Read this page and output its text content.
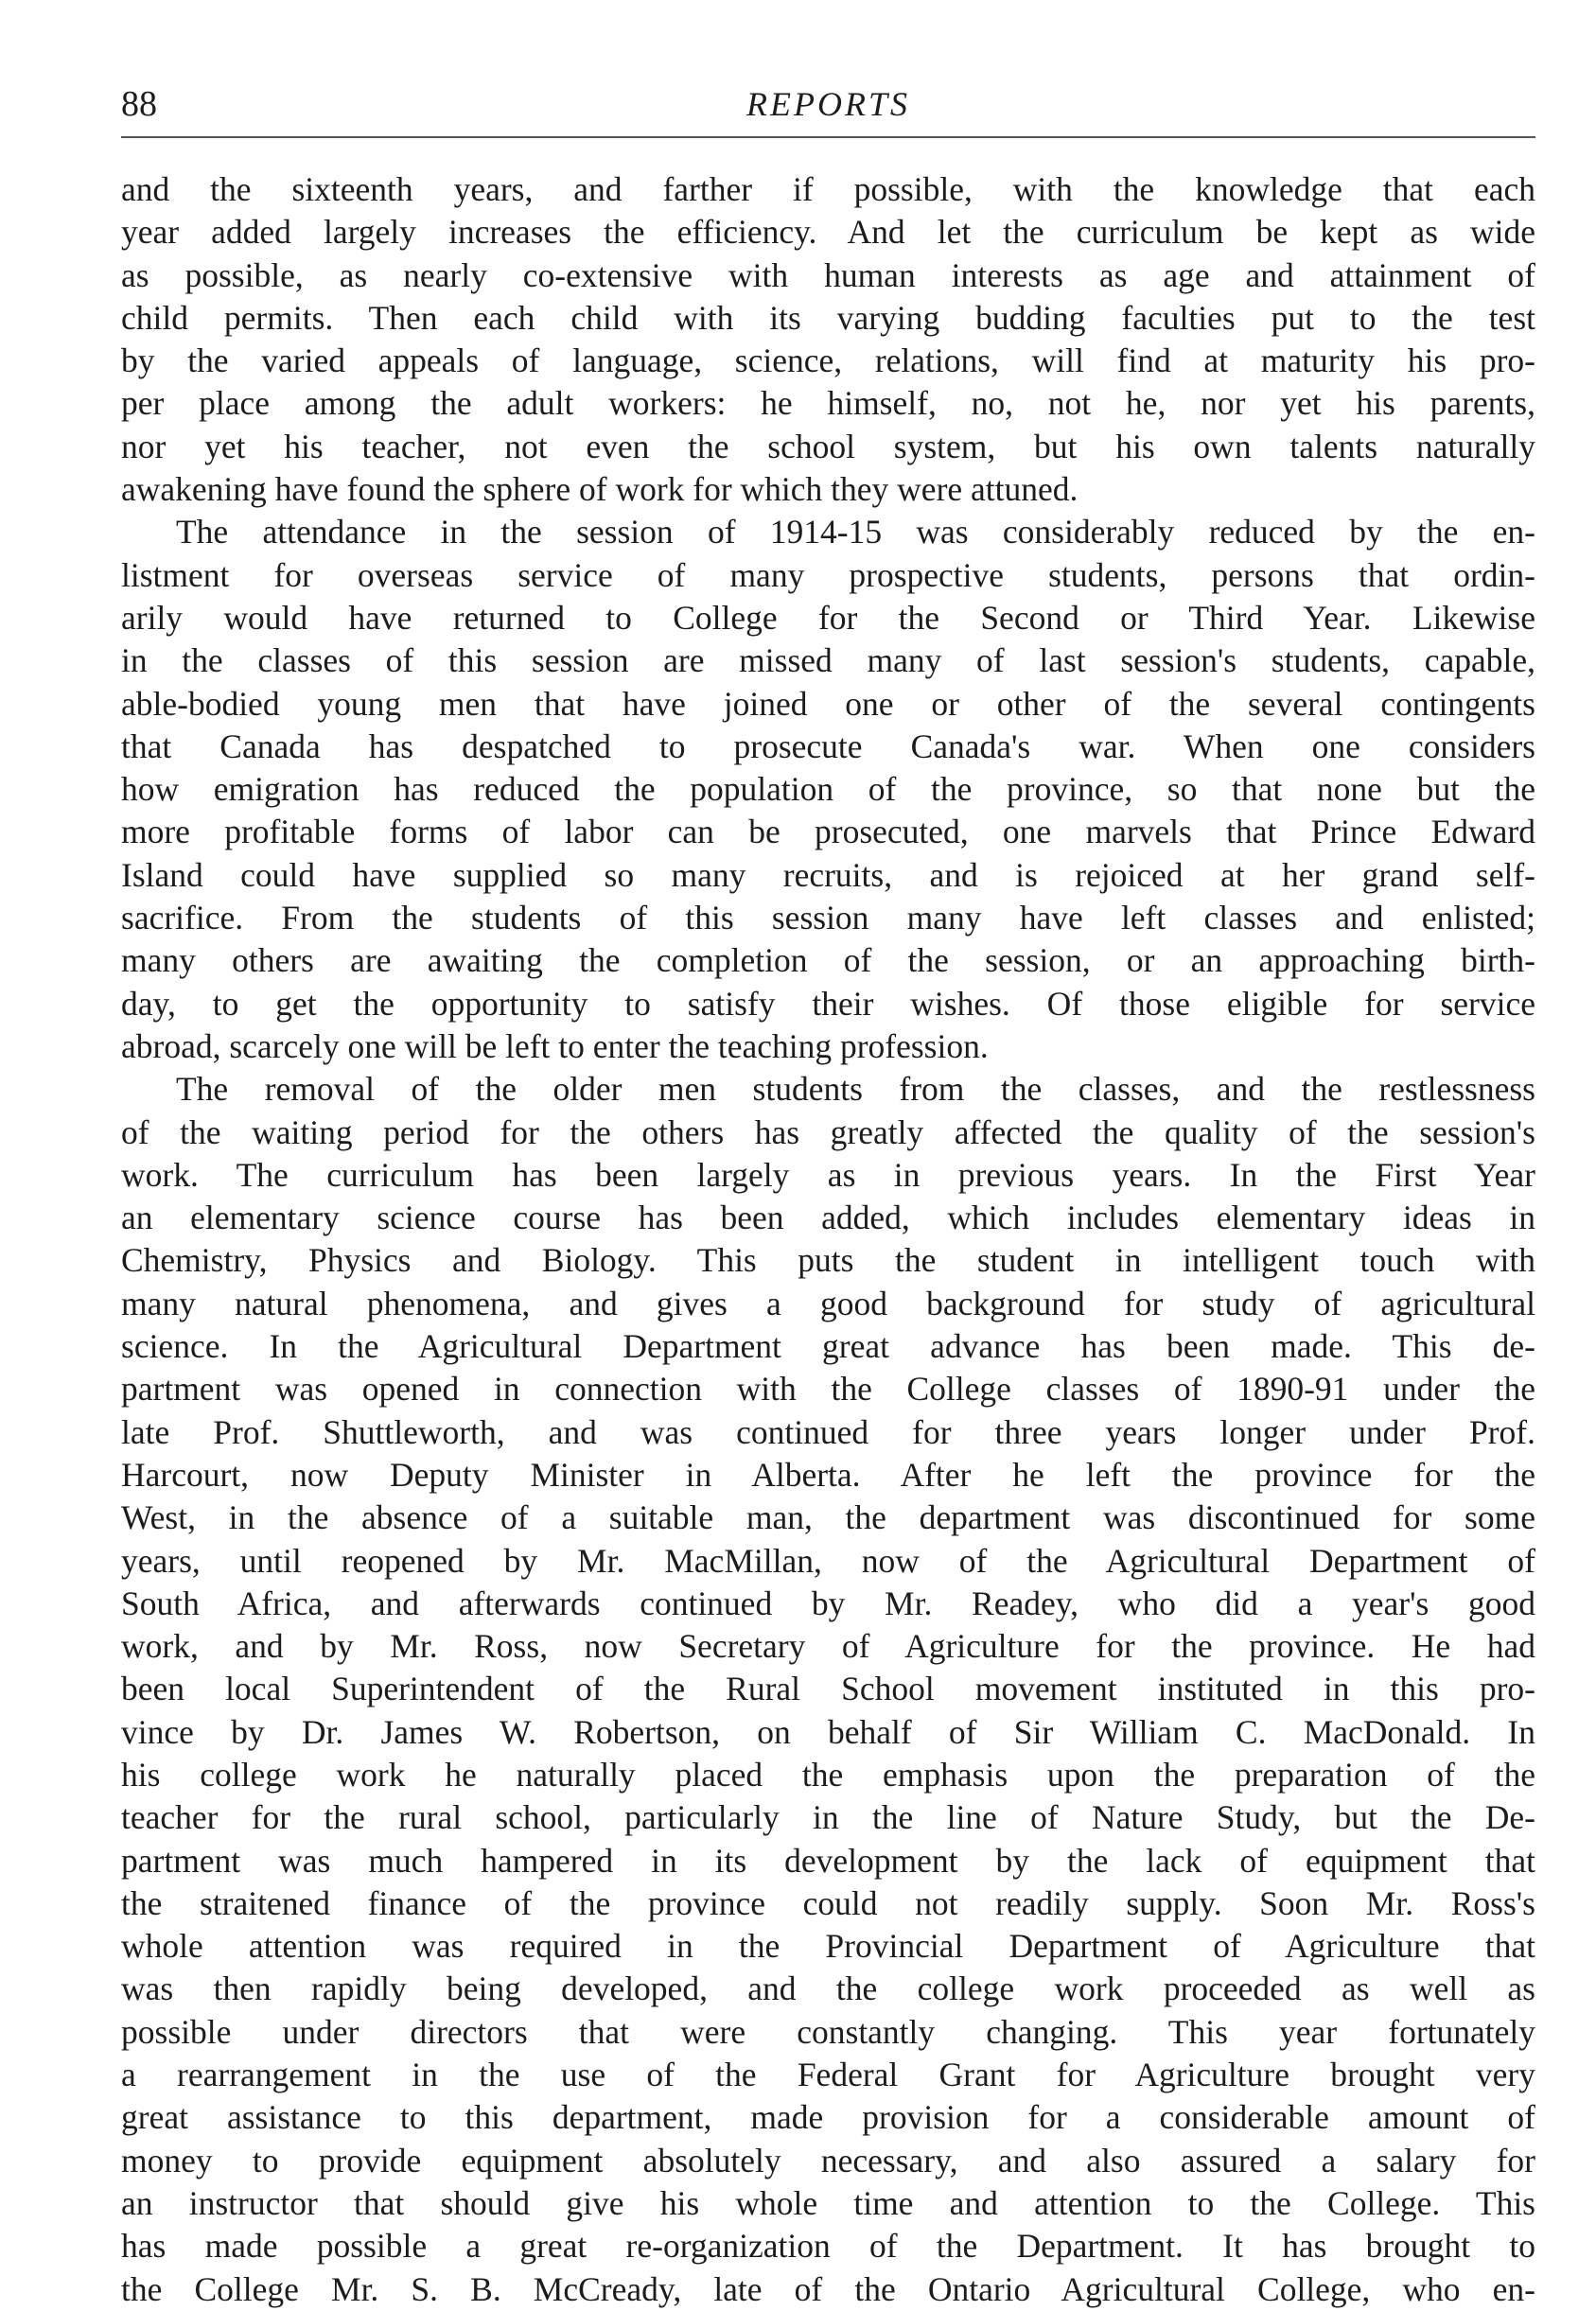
88	REPORTS
and the sixteenth years, and farther if possible, with the knowledge that each
year added largely increases the efficiency. And let the curriculum be kept as wide
as possible, as nearly co-extensive with human interests as age and attainment of
child permits. Then each child with its varying budding faculties put to the test
by the varied appeals of language, science, relations, will find at maturity his pro-
per place among the adult workers: he himself, no, not he, nor yet his parents,
nor yet his teacher, not even the school system, but his own talents naturally
awakening have found the sphere of work for which they were attuned.
The attendance in the session of 1914-15 was considerably reduced by the en-
listment for overseas service of many prospective students, persons that ordin-
arily would have returned to College for the Second or Third Year. Likewise
in the classes of this session are missed many of last session's students, capable,
able-bodied young men that have joined one or other of the several contingents
that Canada has despatched to prosecute Canada's war. When one considers
how emigration has reduced the population of the province, so that none but the
more profitable forms of labor can be prosecuted, one marvels that Prince Edward
Island could have supplied so many recruits, and is rejoiced at her grand self-
sacrifice. From the students of this session many have left classes and enlisted;
many others are awaiting the completion of the session, or an approaching birth-
day, to get the opportunity to satisfy their wishes. Of those eligible for service
abroad, scarcely one will be left to enter the teaching profession.
The removal of the older men students from the classes, and the restlessness
of the waiting period for the others has greatly affected the quality of the session's
work. The curriculum has been largely as in previous years. In the First Year
an elementary science course has been added, which includes elementary ideas in
Chemistry, Physics and Biology. This puts the student in intelligent touch with
many natural phenomena, and gives a good background for study of agricultural
science. In the Agricultural Department great advance has been made. This de-
partment was opened in connection with the College classes of 1890-91 under the
late Prof. Shuttleworth, and was continued for three years longer under Prof.
Harcourt, now Deputy Minister in Alberta. After he left the province for the
West, in the absence of a suitable man, the department was discontinued for some
years, until reopened by Mr. MacMillan, now of the Agricultural Department of
South Africa, and afterwards continued by Mr. Readey, who did a year's good
work, and by Mr. Ross, now Secretary of Agriculture for the province. He had
been local Superintendent of the Rural School movement instituted in this pro-
vince by Dr. James W. Robertson, on behalf of Sir William C. MacDonald. In
his college work he naturally placed the emphasis upon the preparation of the
teacher for the rural school, particularly in the line of Nature Study, but the De-
partment was much hampered in its development by the lack of equipment that
the straitened finance of the province could not readily supply. Soon Mr. Ross's
whole attention was required in the Provincial Department of Agriculture that
was then rapidly being developed, and the college work proceeded as well as
possible under directors that were constantly changing. This year fortunately
a rearrangement in the use of the Federal Grant for Agriculture brought very
great assistance to this department, made provision for a considerable amount of
money to provide equipment absolutely necessary, and also assured a salary for
an instructor that should give his whole time and attention to the College. This
has made possible a great re-organization of the Department. It has brought to
the College Mr. S. B. McCready, late of the Ontario Agricultural College, who en-
